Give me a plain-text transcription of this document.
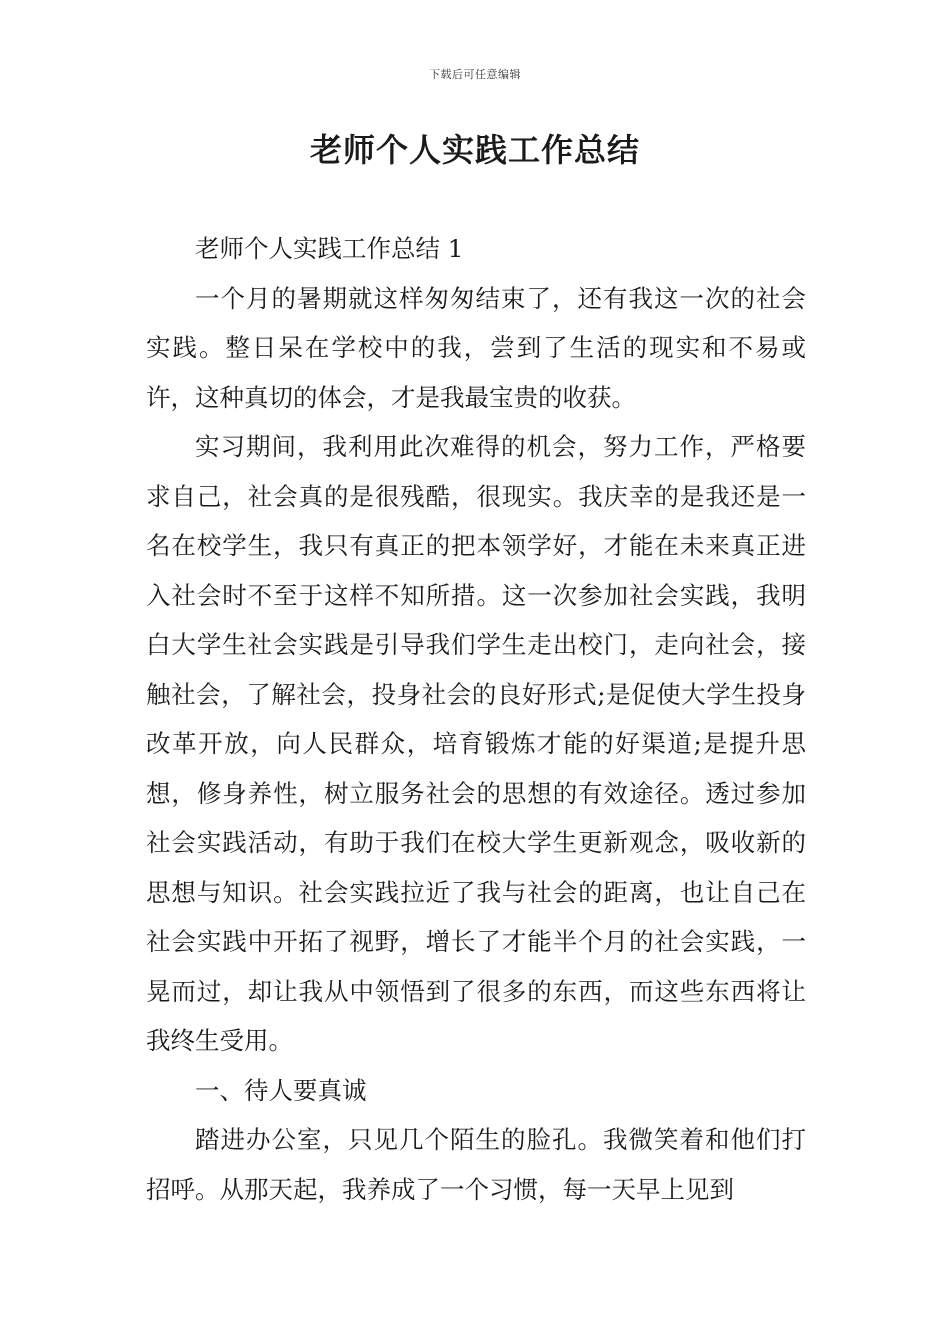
下载后可任意编辑
老师个人实践工作总结

老师个人实践工作总结 1

一个月的暑期就这样匆匆结束了，还有我这一次的社会实践。整日呆在学校中的我，尝到了生活的现实和不易或许，这种真切的体会，才是我最宝贵的收获。

实习期间，我利用此次难得的机会，努力工作，严格要求自己，社会真的是很残酷，很现实。我庆幸的是我还是一名在校学生，我只有真正的把本领学好，才能在未来真正进入社会时不至于这样不知所措。这一次参加社会实践，我明白大学生社会实践是引导我们学生走出校门，走向社会，接触社会，了解社会，投身社会的良好形式;是促使大学生投身改革开放，向人民群众，培育锻炼才能的好渠道;是提升思想，修身养性，树立服务社会的思想的有效途径。透过参加社会实践活动，有助于我们在校大学生更新观念，吸收新的思想与知识。社会实践拉近了我与社会的距离，也让自己在社会实践中开拓了视野，增长了才能半个月的社会实践，一晃而过，却让我从中领悟到了很多的东西，而这些东西将让我终生受用。

一、待人要真诚

踏进办公室，只见几个陌生的脸孔。我微笑着和他们打招呼。从那天起，我养成了一个习惯，每一天早上见到
